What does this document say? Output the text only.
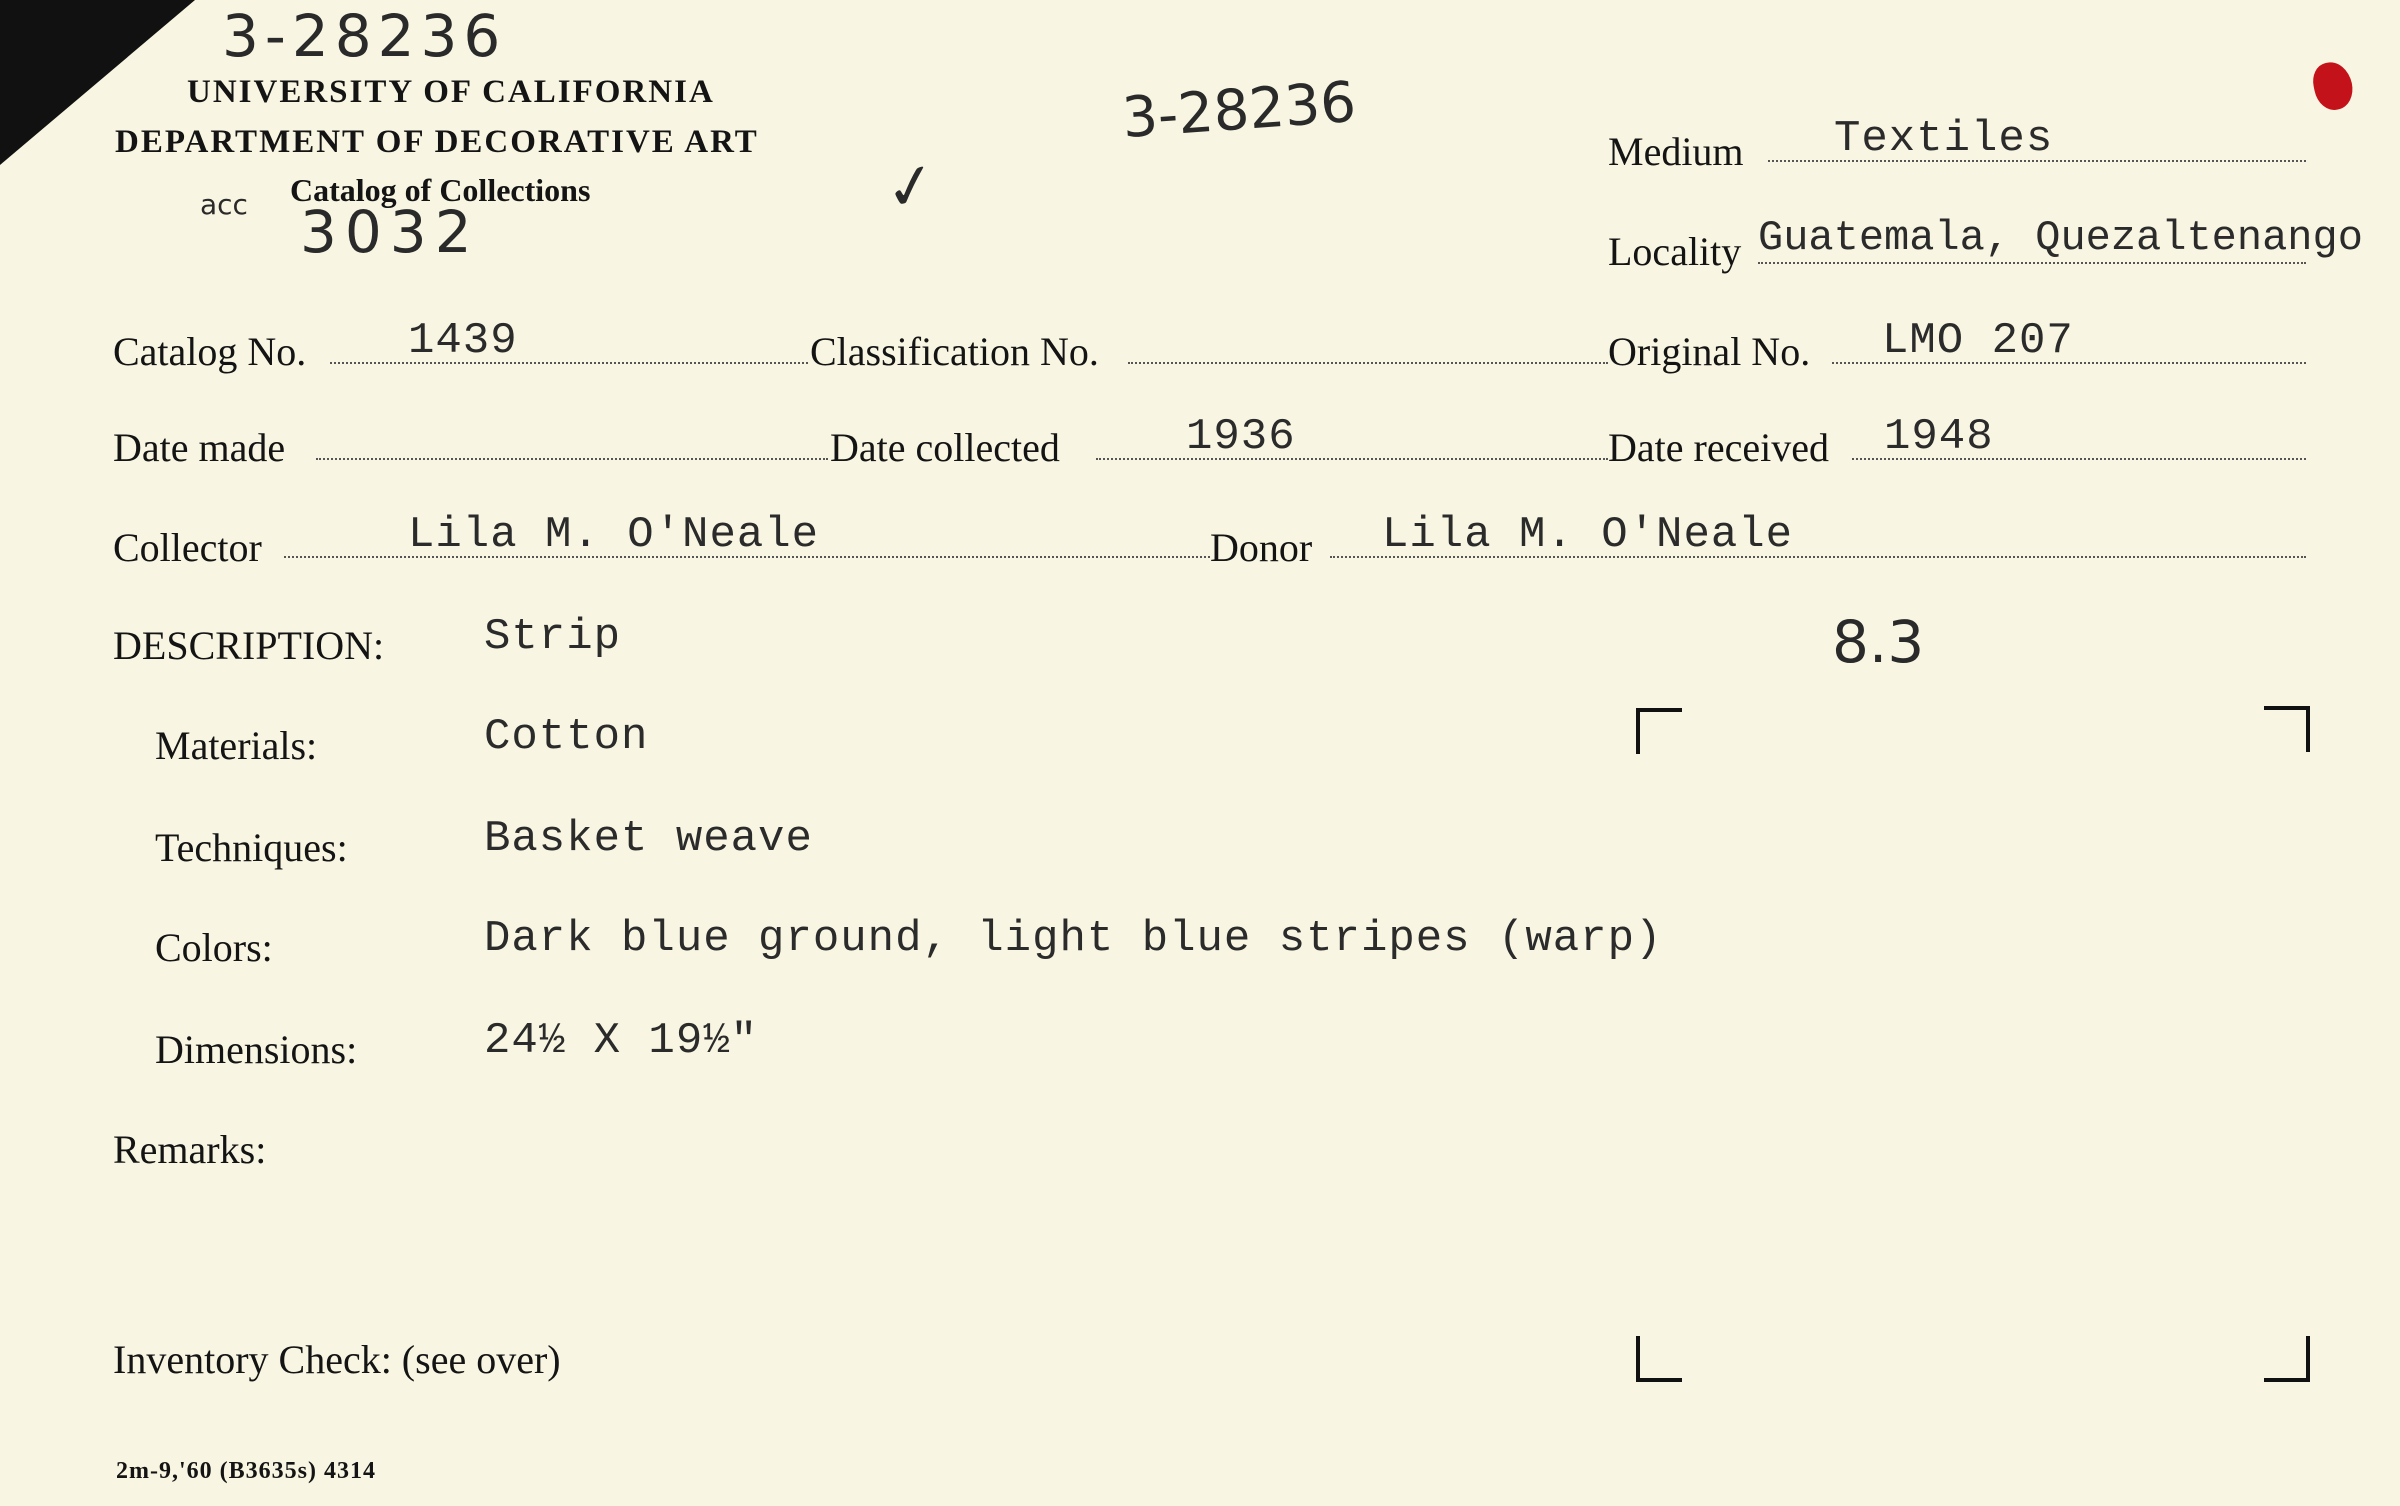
3-28236
3-28236
✓
acc 3032
8.3
UNIVERSITY OF CALIFORNIA
DEPARTMENT OF DECORATIVE ART
Catalog of Collections
Medium Textiles
Locality Guatemala, Quezaltenango
Catalog No. 1439	Classification No.	Original No. LMO 207
Date made	Date collected	1936	Date received 1948
Collector	Lila M. O'Neale	Donor Lila M. O'Neale
DESCRIPTION: Strip
Materials:	Cotton
Techniques:	Basket weave
Colors:	Dark blue ground, light blue stripes (warp)
Dimensions:	24½ X 19½"
Remarks:
Inventory Check: (see over)
2m-9,'60 (B3635s) 4314
